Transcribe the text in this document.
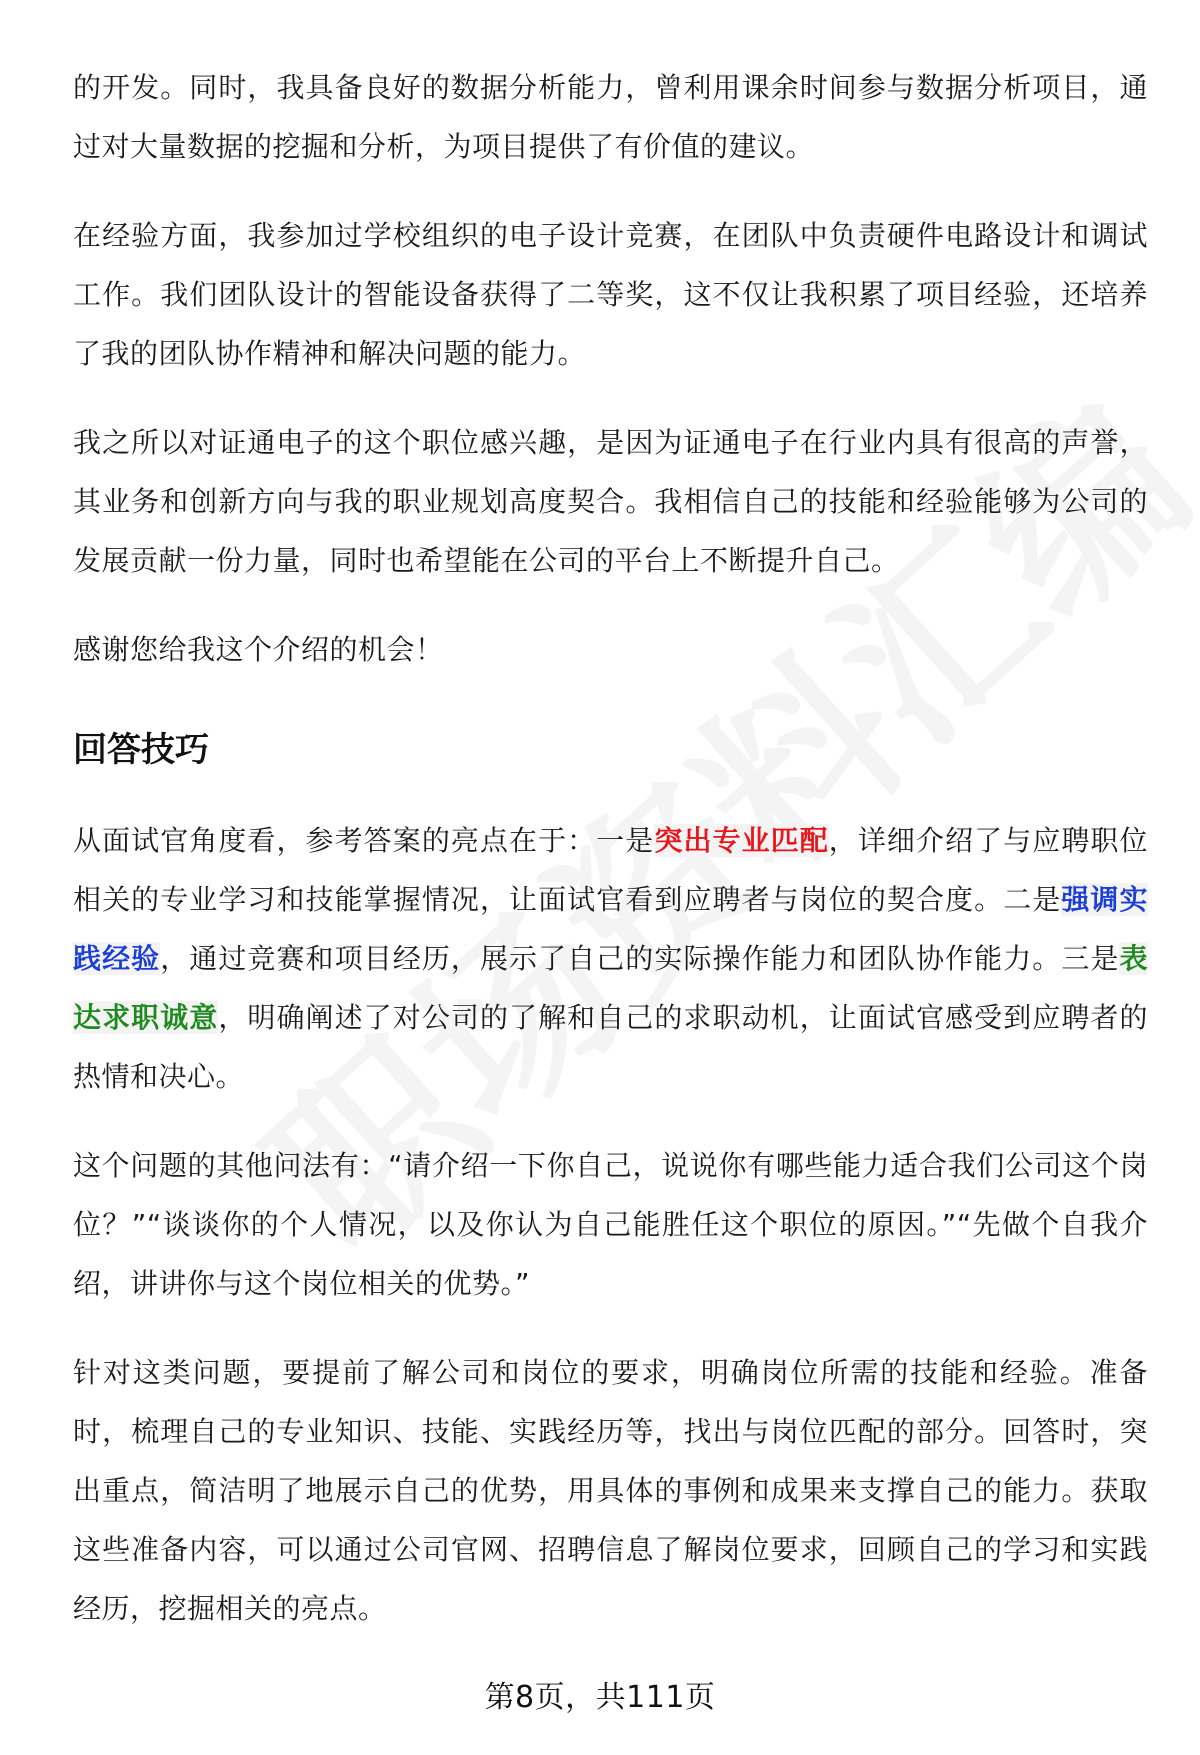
的开发。同时，我具备良好的数据分析能力，曾利用课余时间参与数据分析项目，通过对大量数据的挖掘和分析，为项目提供了有价值的建议。

在经验方面，我参加过学校组织的电子设计竞赛，在团队中负责硬件电路设计和调试工作。我们团队设计的智能设备获得了二等奖，这不仅让我积累了项目经验，还培养了我的团队协作精神和解决问题的能力。

我之所以对证通电子的这个职位感兴趣，是因为证通电子在行业内具有很高的声誉，其业务和创新方向与我的职业规划高度契合。我相信自己的技能和经验能够为公司的发展贡献一份力量，同时也希望能在公司的平台上不断提升自己。

感谢您给我这个介绍的机会！

回答技巧

从面试官角度看，参考答案的亮点在于：一是突出专业匹配，详细介绍了与应聘职位相关的专业学习和技能掌握情况，让面试官看到应聘者与岗位的契合度。二是强调实践经验，通过竞赛和项目经历，展示了自己的实际操作能力和团队协作能力。三是表达求职诚意，明确阐述了对公司的了解和自己的求职动机，让面试官感受到应聘者的热情和决心。

这个问题的其他问法有：“请介绍一下你自己，说说你有哪些能力适合我们公司这个岗位？”“谈谈你的个人情况，以及你认为自己能胜任这个职位的原因。”“先做个自我介绍，讲讲你与这个岗位相关的优势。”

针对这类问题，要提前了解公司和岗位的要求，明确岗位所需的技能和经验。准备时，梳理自己的专业知识、技能、实践经历等，找出与岗位匹配的部分。回答时，突出重点，简洁明了地展示自己的优势，用具体的事例和成果来支撑自己的能力。获取这些准备内容，可以通过公司官网、招聘信息了解岗位要求，回顾自己的学习和实践经历，挖掘相关的亮点。

第8页，共111页
